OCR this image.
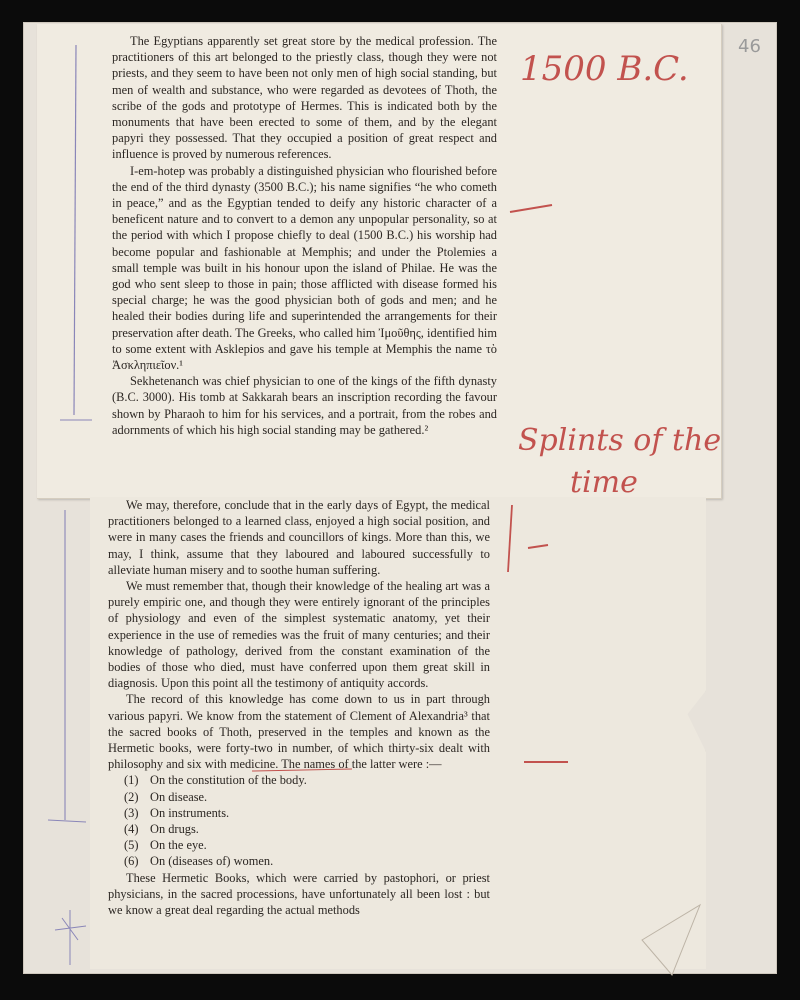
46

The Egyptians apparently set great store by the medical profession. The practitioners of this art belonged to the priestly class, though they were not priests, and they seem to have been not only men of high social standing, but men of wealth and substance, who were regarded as devotees of Thoth, the scribe of the gods and prototype of Hermes. This is indicated both by the monuments that have been erected to some of them, and by the elegant papyri they possessed. That they occupied a position of great respect and influence is proved by numerous references.

I-em-hotep was probably a distinguished physician who flourished before the end of the third dynasty (3500 B.C.); his name signifies “he who cometh in peace,” and as the Egyptian tended to deify any historic character of a beneficent nature and to convert to a demon any unpopular personality, so at the period with which I propose chiefly to deal (1500 B.C.) his worship had become popular and fashionable at Memphis; and under the Ptolemies a small temple was built in his honour upon the island of Philae. He was the god who sent sleep to those in pain; those afflicted with disease formed his special charge; he was the good physician both of gods and men; and he healed their bodies during life and superintended the arrangements for their preservation after death. The Greeks, who called him Ἰμοῦθης, identified him to some extent with Asklepios and gave his temple at Memphis the name τὸ Ἀσκληπιεῖον.¹

Sekhetenanch was chief physician to one of the kings of the fifth dynasty (B.C. 3000). His tomb at Sakkarah bears an inscription recording the favour shown by Pharaoh to him for his services, and a portrait, from the robes and adornments of which his high social standing may be gathered.²

We may, therefore, conclude that in the early days of Egypt, the medical practitioners belonged to a learned class, enjoyed a high social position, and were in many cases the friends and councillors of kings. More than this, we may, I think, assume that they laboured and laboured successfully to alleviate human misery and to soothe human suffering.

We must remember that, though their knowledge of the healing art was a purely empiric one, and though they were entirely ignorant of the principles of physiology and even of the simplest systematic anatomy, yet their experience in the use of remedies was the fruit of many centuries; and their knowledge of pathology, derived from the constant examination of the bodies of those who died, must have conferred upon them great skill in diagnosis. Upon this point all the testimony of antiquity accords.

The record of this knowledge has come down to us in part through various papyri. We know from the statement of Clement of Alexandria³ that the sacred books of Thoth, preserved in the temples and known as the Hermetic books, were forty-two in number, of which thirty-six dealt with philosophy and six with medicine. The names of the latter were :—

(1) On the constitution of the body.
(2) On disease.
(3) On instruments.
(4) On drugs.
(5) On the eye.
(6) On (diseases of) women.

These Hermetic Books, which were carried by pastophori, or priest physicians, in the sacred processions, have unfortunately all been lost : but we know a great deal regarding the actual methods

1500 B.C.
Splints of the
time
